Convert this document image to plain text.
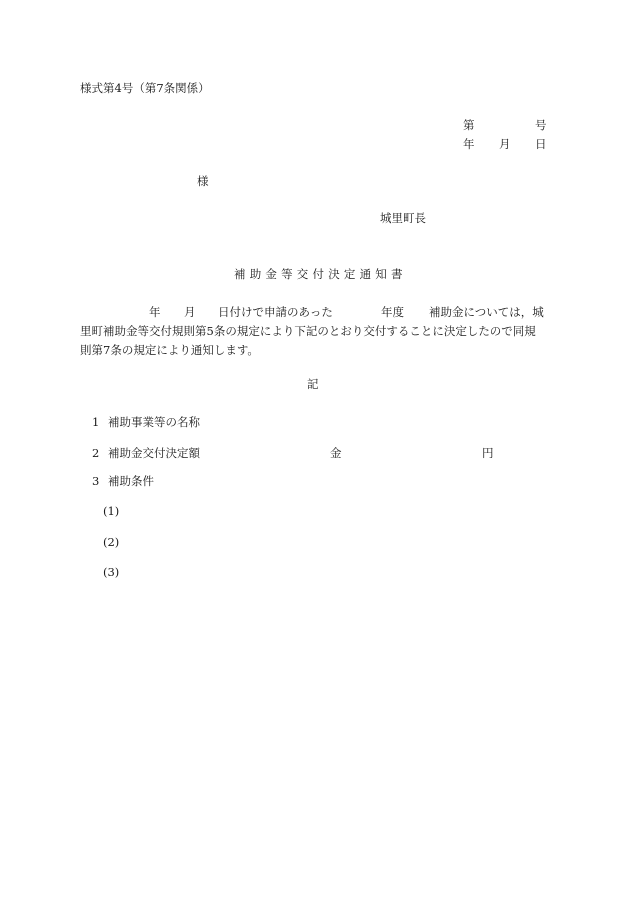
様式第4号（第7条関係）
第	号
年 月 日
様
城里町長
補助金等交付決定通知書
年 月 日付けで申請のあった	年度 補助金については，城
里町補助金等交付規則第5条の規定により下記のとおり交付することに決定したので同規
則第7条の規定により通知します。
記
1 補助事業等の名称
2 補助金交付決定額	金	円
3 補助条件
(1)
(2)
(3)
